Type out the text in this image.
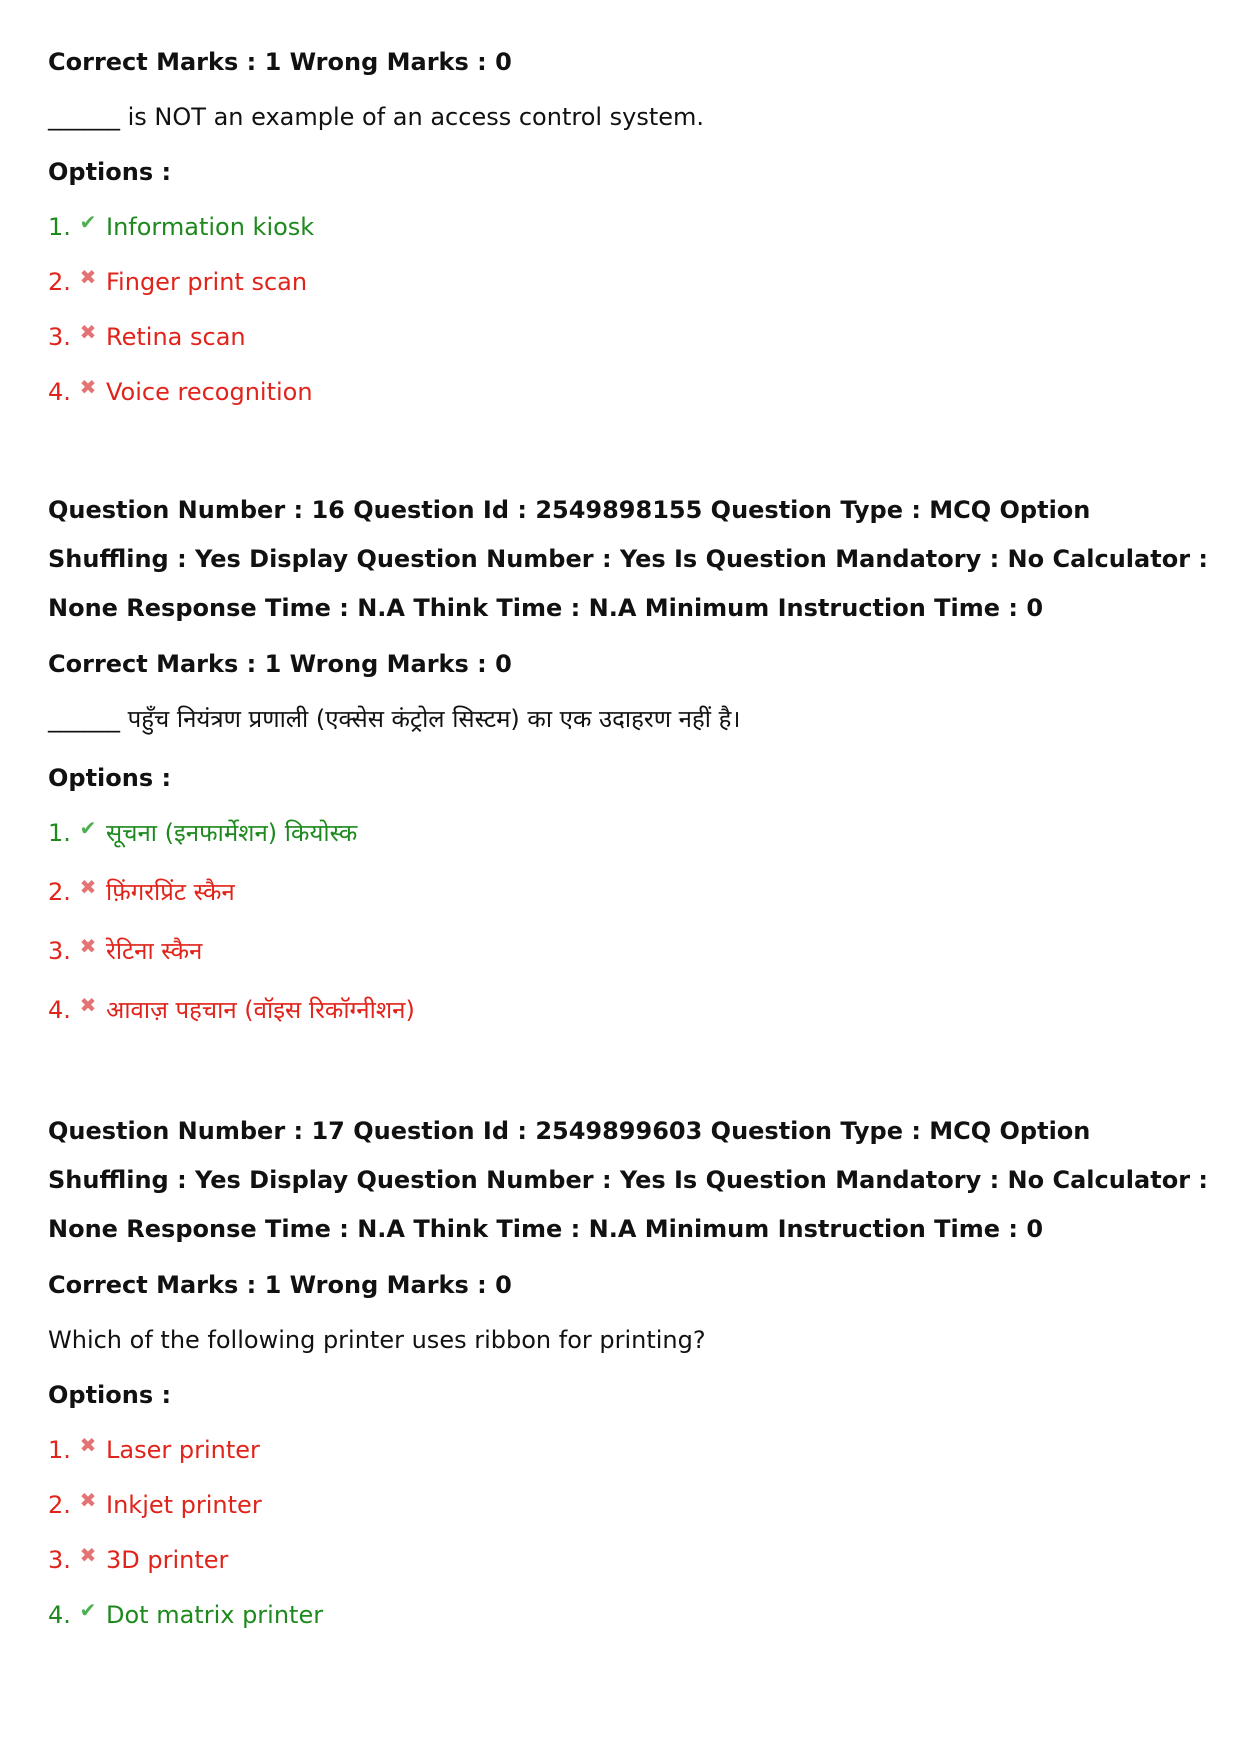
Correct Marks : 1 Wrong Marks : 0
______ is NOT an example of an access control system.
Options :
1. ✔ Information kiosk
2. ✖ Finger print scan
3. ✖ Retina scan
4. ✖ Voice recognition
Question Number : 16 Question Id : 2549898155 Question Type : MCQ Option Shuffling : Yes Display Question Number : Yes Is Question Mandatory : No Calculator : None Response Time : N.A Think Time : N.A Minimum Instruction Time : 0
Correct Marks : 1 Wrong Marks : 0
______ पहुँच नियंत्रण प्रणाली (एक्सेस कंट्रोल सिस्टम) का एक उदाहरण नहीं है।
Options :
1. ✔ सूचना (इनफार्मेशन) कियोस्क
2. ✖ फ़िंगरप्रिंट स्कैन
3. ✖ रेटिना स्कैन
4. ✖ आवाज़ पहचान (वॉइस रिकॉग्नीशन)
Question Number : 17 Question Id : 2549899603 Question Type : MCQ Option Shuffling : Yes Display Question Number : Yes Is Question Mandatory : No Calculator : None Response Time : N.A Think Time : N.A Minimum Instruction Time : 0
Correct Marks : 1 Wrong Marks : 0
Which of the following printer uses ribbon for printing?
Options :
1. ✖ Laser printer
2. ✖ Inkjet printer
3. ✖ 3D printer
4. ✔ Dot matrix printer
